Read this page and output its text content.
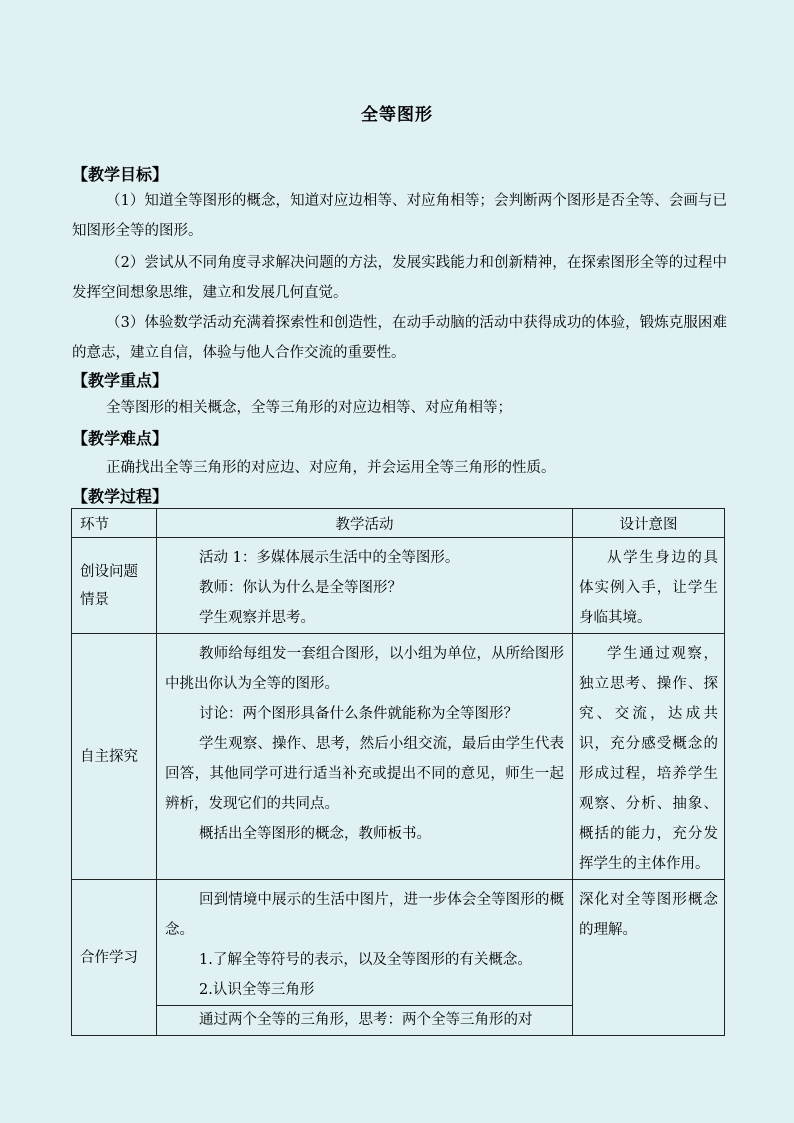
全等图形
【教学目标】
（1）知道全等图形的概念，知道对应边相等、对应角相等；会判断两个图形是否全等、会画与已知图形全等的图形。
（2）尝试从不同角度寻求解决问题的方法，发展实践能力和创新精神，在探索图形全等的过程中发挥空间想象思维，建立和发展几何直觉。
（3）体验数学活动充满着探索性和创造性，在动手动脑的活动中获得成功的体验，锻炼克服困难的意志，建立自信，体验与他人合作交流的重要性。
【教学重点】
全等图形的相关概念，全等三角形的对应边相等、对应角相等；
【教学难点】
正确找出全等三角形的对应边、对应角，并会运用全等三角形的性质。
【教学过程】
环节	教学活动	设计意图
创设问题情景	活动 1：多媒体展示生活中的全等图形。

教师：你认为什么是全等图形？

学生观察并思考。	从学生身边的具体实例入手，让学生身临其境。

自主探究	教师给每组发一套组合图形，以小组为单位，从所给图形中挑出你认为全等的图形。

讨论：两个图形具备什么条件就能称为全等图形？

学生观察、操作、思考，然后小组交流，最后由学生代表回答，其他同学可进行适当补充或提出不同的意见，师生一起辨析，发现它们的共同点。

概括出全等图形的概念，教师板书。	学生通过观察，独立思考、操作、探究、交流，达成共识，充分感受概念的形成过程，培养学生观察、分析、抽象、概括的能力，充分发挥学生的主体作用。

合作学习	回到情境中展示的生活中图片，进一步体会全等图形的概念。

1.了解全等符号的表示，以及全等图形的有关概念。

2.认识全等三角形	深化对全等图形概念的理解。

	通过两个全等的三角形，思考：两个全等三角形的对	
